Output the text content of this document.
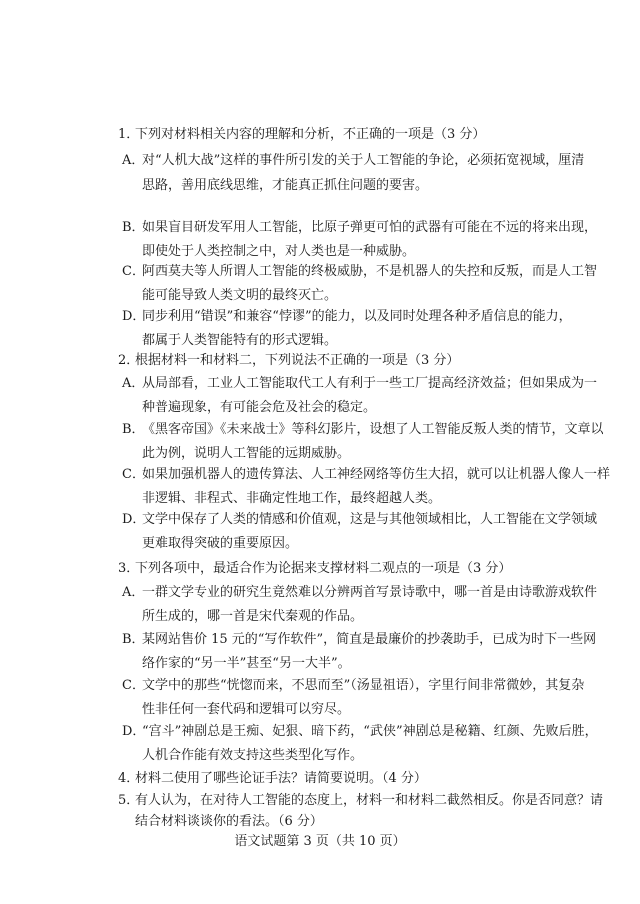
1．
下列对材料相关内容的理解和分析，不正确的一项是（3 分）
A．
对“人机大战”这样的事件所引发的关于人工智能的争论，必须拓宽视域，厘清
思路，善用底线思维，才能真正抓住问题的要害。
B．
如果盲目研发军用人工智能，比原子弹更可怕的武器有可能在不远的将来出现，
即使处于人类控制之中，对人类也是一种威胁。
C．
阿西莫夫等人所谓人工智能的终极威胁，不是机器人的失控和反叛，而是人工智
能可能导致人类文明的最终灭亡。
D．
同步利用“错误”和兼容“悖谬”的能力，以及同时处理各种矛盾信息的能力，
都属于人类智能特有的形式逻辑。
2．
根据材料一和材料二，下列说法不正确的一项是（3 分）
A．
从局部看，工业人工智能取代工人有利于一些工厂提高经济效益；但如果成为一
种普遍现象，有可能会危及社会的稳定。
B．
《黑客帝国》《未来战士》等科幻影片，设想了人工智能反叛人类的情节，文章以
此为例，说明人工智能的远期威胁。
C．
如果加强机器人的遗传算法、人工神经网络等仿生大招，就可以让机器人像人一样
非逻辑、非程式、非确定性地工作，最终超越人类。
D．
文学中保存了人类的情感和价值观，这是与其他领域相比，人工智能在文学领域
更难取得突破的重要原因。
3．
下列各项中，最适合作为论据来支撑材料二观点的一项是（3 分）
A．
一群文学专业的研究生竟然难以分辨两首写景诗歌中，哪一首是由诗歌游戏软件
所生成的，哪一首是宋代秦观的作品。
B．
某网站售价 15 元的“写作软件”，简直是最廉价的抄袭助手，已成为时下一些网
络作家的“另一半”甚至“另一大半”。
C．
文学中的那些“恍惚而来，不思而至”（汤显祖语），字里行间非常微妙，其复杂
性非任何一套代码和逻辑可以穷尽。
D．
“宫斗”神剧总是王痴、妃狠、暗下药，“武侠”神剧总是秘籍、红颜、先败后胜，
人机合作能有效支持这些类型化写作。
4．
材料二使用了哪些论证手法？请简要说明。（4 分）
5．
有人认为，在对待人工智能的态度上，材料一和材料二截然相反。你是否同意？请
结合材料谈谈你的看法。（6 分）
语文试题第 3 页（共 10 页）
